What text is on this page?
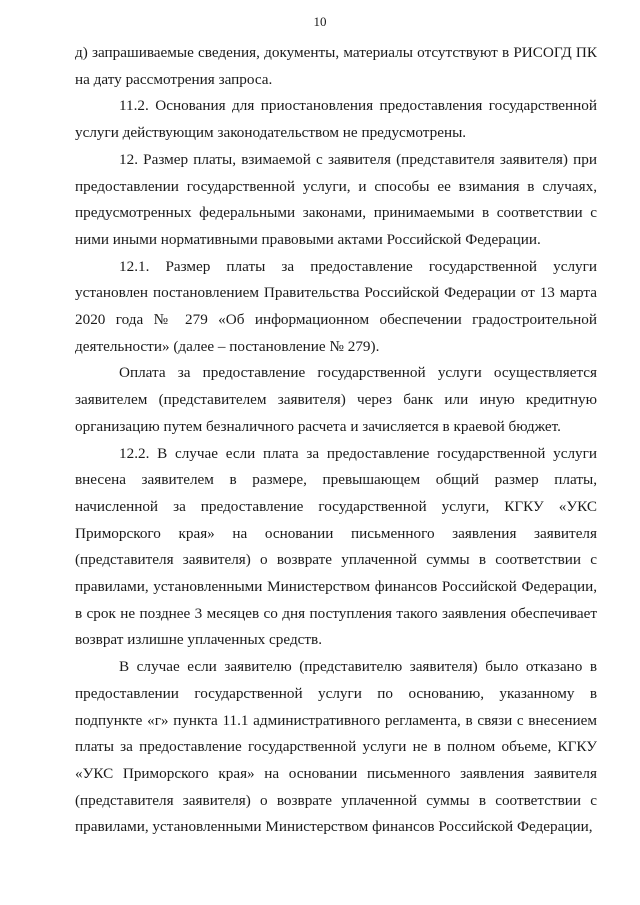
10

д) запрашиваемые сведения, документы, материалы отсутствуют в РИСОГД ПК на дату рассмотрения запроса.

11.2. Основания для приостановления предоставления государственной услуги действующим законодательством не предусмотрены.

12. Размер платы, взимаемой с заявителя (представителя заявителя) при предоставлении государственной услуги, и способы ее взимания в случаях, предусмотренных федеральными законами, принимаемыми в соответствии с ними иными нормативными правовыми актами Российской Федерации.

12.1. Размер платы за предоставление государственной услуги установлен постановлением Правительства Российской Федерации от 13 марта 2020 года № 279 «Об информационном обеспечении градостроительной деятельности» (далее – постановление № 279).

Оплата за предоставление государственной услуги осуществляется заявителем (представителем заявителя) через банк или иную кредитную организацию путем безналичного расчета и зачисляется в краевой бюджет.

12.2. В случае если плата за предоставление государственной услуги внесена заявителем в размере, превышающем общий размер платы, начисленной за предоставление государственной услуги, КГКУ «УКС Приморского края» на основании письменного заявления заявителя (представителя заявителя) о возврате уплаченной суммы в соответствии с правилами, установленными Министерством финансов Российской Федерации, в срок не позднее 3 месяцев со дня поступления такого заявления обеспечивает возврат излишне уплаченных средств.

В случае если заявителю (представителю заявителя) было отказано в предоставлении государственной услуги по основанию, указанному в подпункте «г» пункта 11.1 административного регламента, в связи с внесением платы за предоставление государственной услуги не в полном объеме, КГКУ «УКС Приморского края» на основании письменного заявления заявителя (представителя заявителя) о возврате уплаченной суммы в соответствии с правилами, установленными Министерством финансов Российской Федерации,
